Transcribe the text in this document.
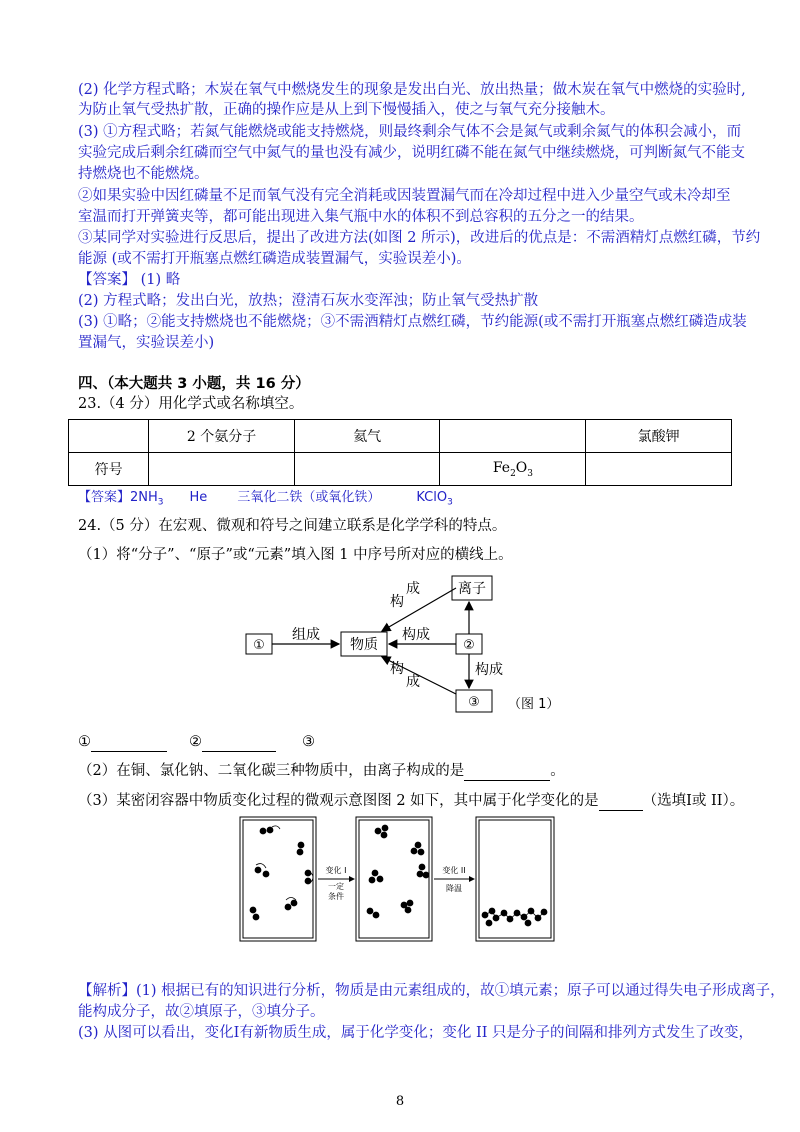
(2) 化学方程式略；木炭在氧气中燃烧发生的现象是发出白光、放出热量；做木炭在氧气中燃烧的实验时,
为防止氧气受热扩散，正确的操作应是从上到下慢慢插入，使之与氧气充分接触木。
(3) ①方程式略；若氮气能燃烧或能支持燃烧，则最终剩余气体不会是氮气或剩余氮气的体积会减小，而
实验完成后剩余红磷而空气中氮气的量也没有减少，说明红磷不能在氮气中继续燃烧，可判断氮气不能支
持燃烧也不能燃烧。
②如果实验中因红磷量不足而氧气没有完全消耗或因装置漏气而在冷却过程中进入少量空气或未冷却至
室温而打开弹簧夹等，都可能出现进入集气瓶中水的体积不到总容积的五分之一的结果。
③某同学对实验进行反思后，提出了改进方法(如图 2 所示)，改进后的优点是：不需酒精灯点燃红磷，节约
能源 (或不需打开瓶塞点燃红磷造成装置漏气，实验误差小)。
【答案】 (1) 略
(2) 方程式略；发出白光，放热；澄清石灰水变浑浊；防止氧气受热扩散
(3) ①略；②能支持燃烧也不能燃烧；③不需酒精灯点燃红磷，节约能源(或不需打开瓶塞点燃红磷造成装
置漏气，实验误差小)
四、（本大题共 3 小题，共 16 分）
23.（4 分）用化学式或名称填空。
	2 个氨分子	氦气		氯酸钾
符号			$Fe_2O_3$	
【答案】$2NH_3$ He 三氧化二铁（或氧化铁）	KClO$_3$
24.（5 分）在宏观、微观和符号之间建立联系是化学学科的特点。
（1）将“分子”、“原子”或“元素”填入图 1 中序号所对应的横线上。
①	物质	②
离子
③
组成	构成
构成
成
构
构
成
（图 1）
①	②	③
（2）在铜、氯化钠、二氧化碳三种物质中，由离子构成的是	。
（3）某密闭容器中物质变化过程的微观示意图图 2 如下，其中属于化学变化的是	（选填Ⅰ或 II）。
变化 Ⅰ
一定
条件
变化 II
降温
【解析】(1) 根据已有的知识进行分析，物质是由元素组成的，故①填元素；原子可以通过得失电子形成离子，
能构成分子，故②填原子，③填分子。
(3) 从图可以看出，变化Ⅰ有新物质生成，属于化学变化；变化 II 只是分子的间隔和排列方式发生了改变，
8
